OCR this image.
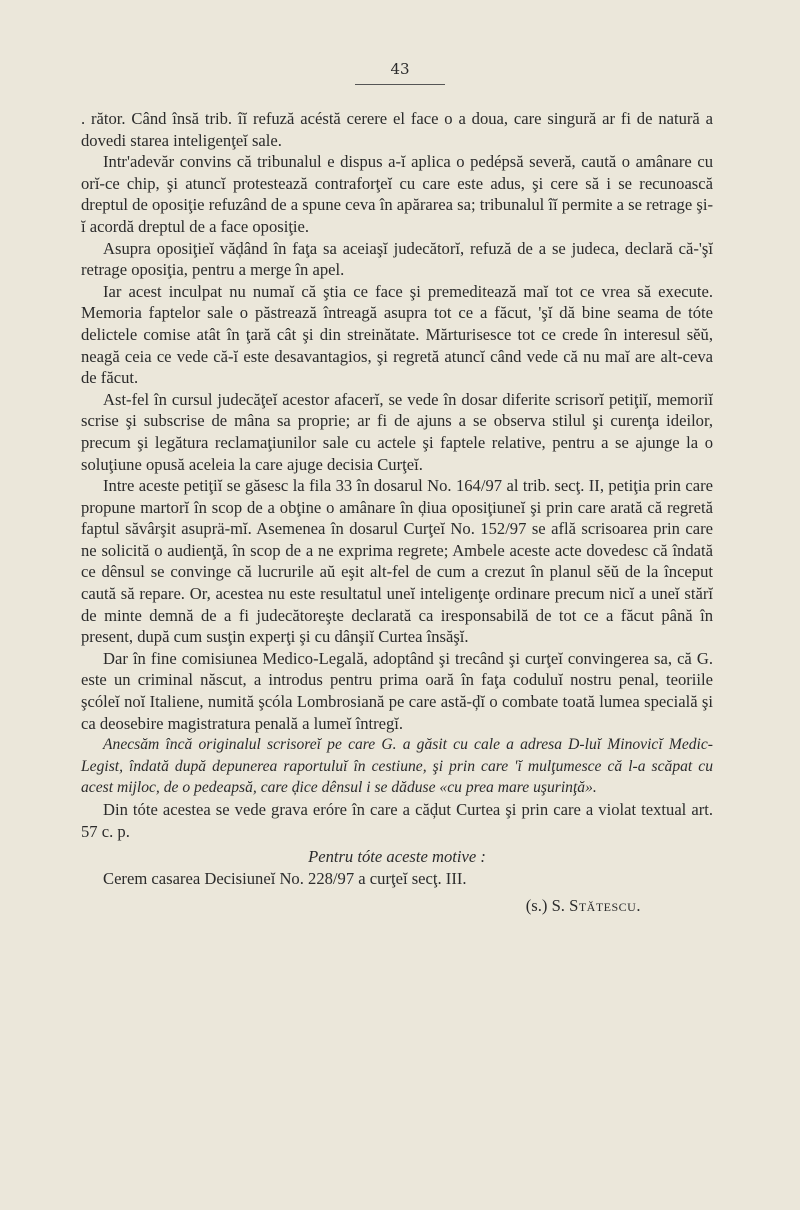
43

. rător. Când însă trib. îĭ refuză acéstă cerere el face o a doua, care singură ar fi de natură a dovedi starea inteligenţeĭ sale.

Intr'adevăr convins că tribunalul e dispus a-ĭ aplica o pedépsă severă, caută o amânare cu orĭ-ce chip, şi atuncĭ protestează contraforţeĭ cu care este adus, şi cere să i se recunoască dreptul de oposiţie refuzând de a spune ceva în apărarea sa; tribunalul îĭ permite a se retrage şi-ĭ acordă dreptul de a face oposiţie.

Asupra oposiţieĭ văḑând în faţa sa aceiaşĭ judecătorĭ, refuză de a se judeca, declară că-'şĭ retrage oposiţia, pentru a merge în apel.

Iar acest inculpat nu numaĭ că ştia ce face şi premeditează maĭ tot ce vrea să execute. Memoria faptelor sale o păstrează întreagă asupra tot ce a făcut, 'şĭ dă bine seama de tóte delictele comise atât în ţară cât şi din streinătate. Mărturisesce tot ce crede în interesul sĕŭ, neagă ceia ce vede că-ĭ este desavantagios, şi regretă atuncĭ când vede că nu maĭ are alt-ceva de făcut.

Ast-fel în cursul judecăţeĭ acestor afacerĭ, se vede în dosar diferite scrisorĭ petiţiĭ, memoriĭ scrise şi subscrise de mâna sa proprie; ar fi de ajuns a se observa stilul şi curenţa ideilor, precum şi legătura reclamaţiunilor sale cu actele şi faptele relative, pentru a se ajunge la o soluţiune opusă aceleia la care ajuge decisia Curţeĭ.

Intre aceste petiţiĭ se găsesc la fila 33 în dosarul No. 164/97 al trib. secţ. II, petiţia prin care propune martorĭ în scop de a obţine o amânare în ḑiua oposiţiuneĭ şi prin care arată că regretă faptul săvârşit asuprä-mĭ. Asemenea în dosarul Curţeĭ No. 152/97 se află scrisoarea prin care ne solicită o audienţă, în scop de a ne exprima regrete; Ambele aceste acte dovedesc că îndată ce dênsul se convinge că lucrurile aŭ eşit alt-fel de cum a crezut în planul sĕŭ de la început caută să repare. Or, acestea nu este resultatul uneĭ inteligenţe ordinare precum nicĭ a uneĭ stărĭ de minte demnă de a fi judecătoreşte declarată ca iresponsabilă de tot ce a făcut până în present, după cum susţin experţi şi cu dânşiĭ Curtea însăşĭ.

Dar în fine comisiunea Medico-Legală, adoptând şi trecând şi curţeĭ convingerea sa, că G. este un criminal născut, a introdus pentru prima oară în faţa coduluĭ nostru penal, teoriile şcóleĭ noĭ Italiene, numită şcóla Lombrosiană pe care astă-ḑĭ o combate toată lumea specială şi ca deosebire magistratura penală a lumeĭ întregĭ.

Anecsăm încă originalul scrisoreĭ pe care G. a găsit cu cale a adresa D-luĭ Minovicĭ Medic-Legist, îndată după depunerea raportuluĭ în cestiune, şi prin care 'ĭ mulţumesce că l-a scăpat cu acest mijloc, de o pedeapsă, care ḑice dênsul i se dăduse «cu prea mare uşurinţă».

Din tóte acestea se vede grava eróre în care a căḑut Curtea şi prin care a violat textual art. 57 c. p.

Pentru tóte aceste motive :

Cerem casarea Decisiuneĭ No. 228/97 a curţeĭ secţ. III.

(s.) S. Stătescu.
